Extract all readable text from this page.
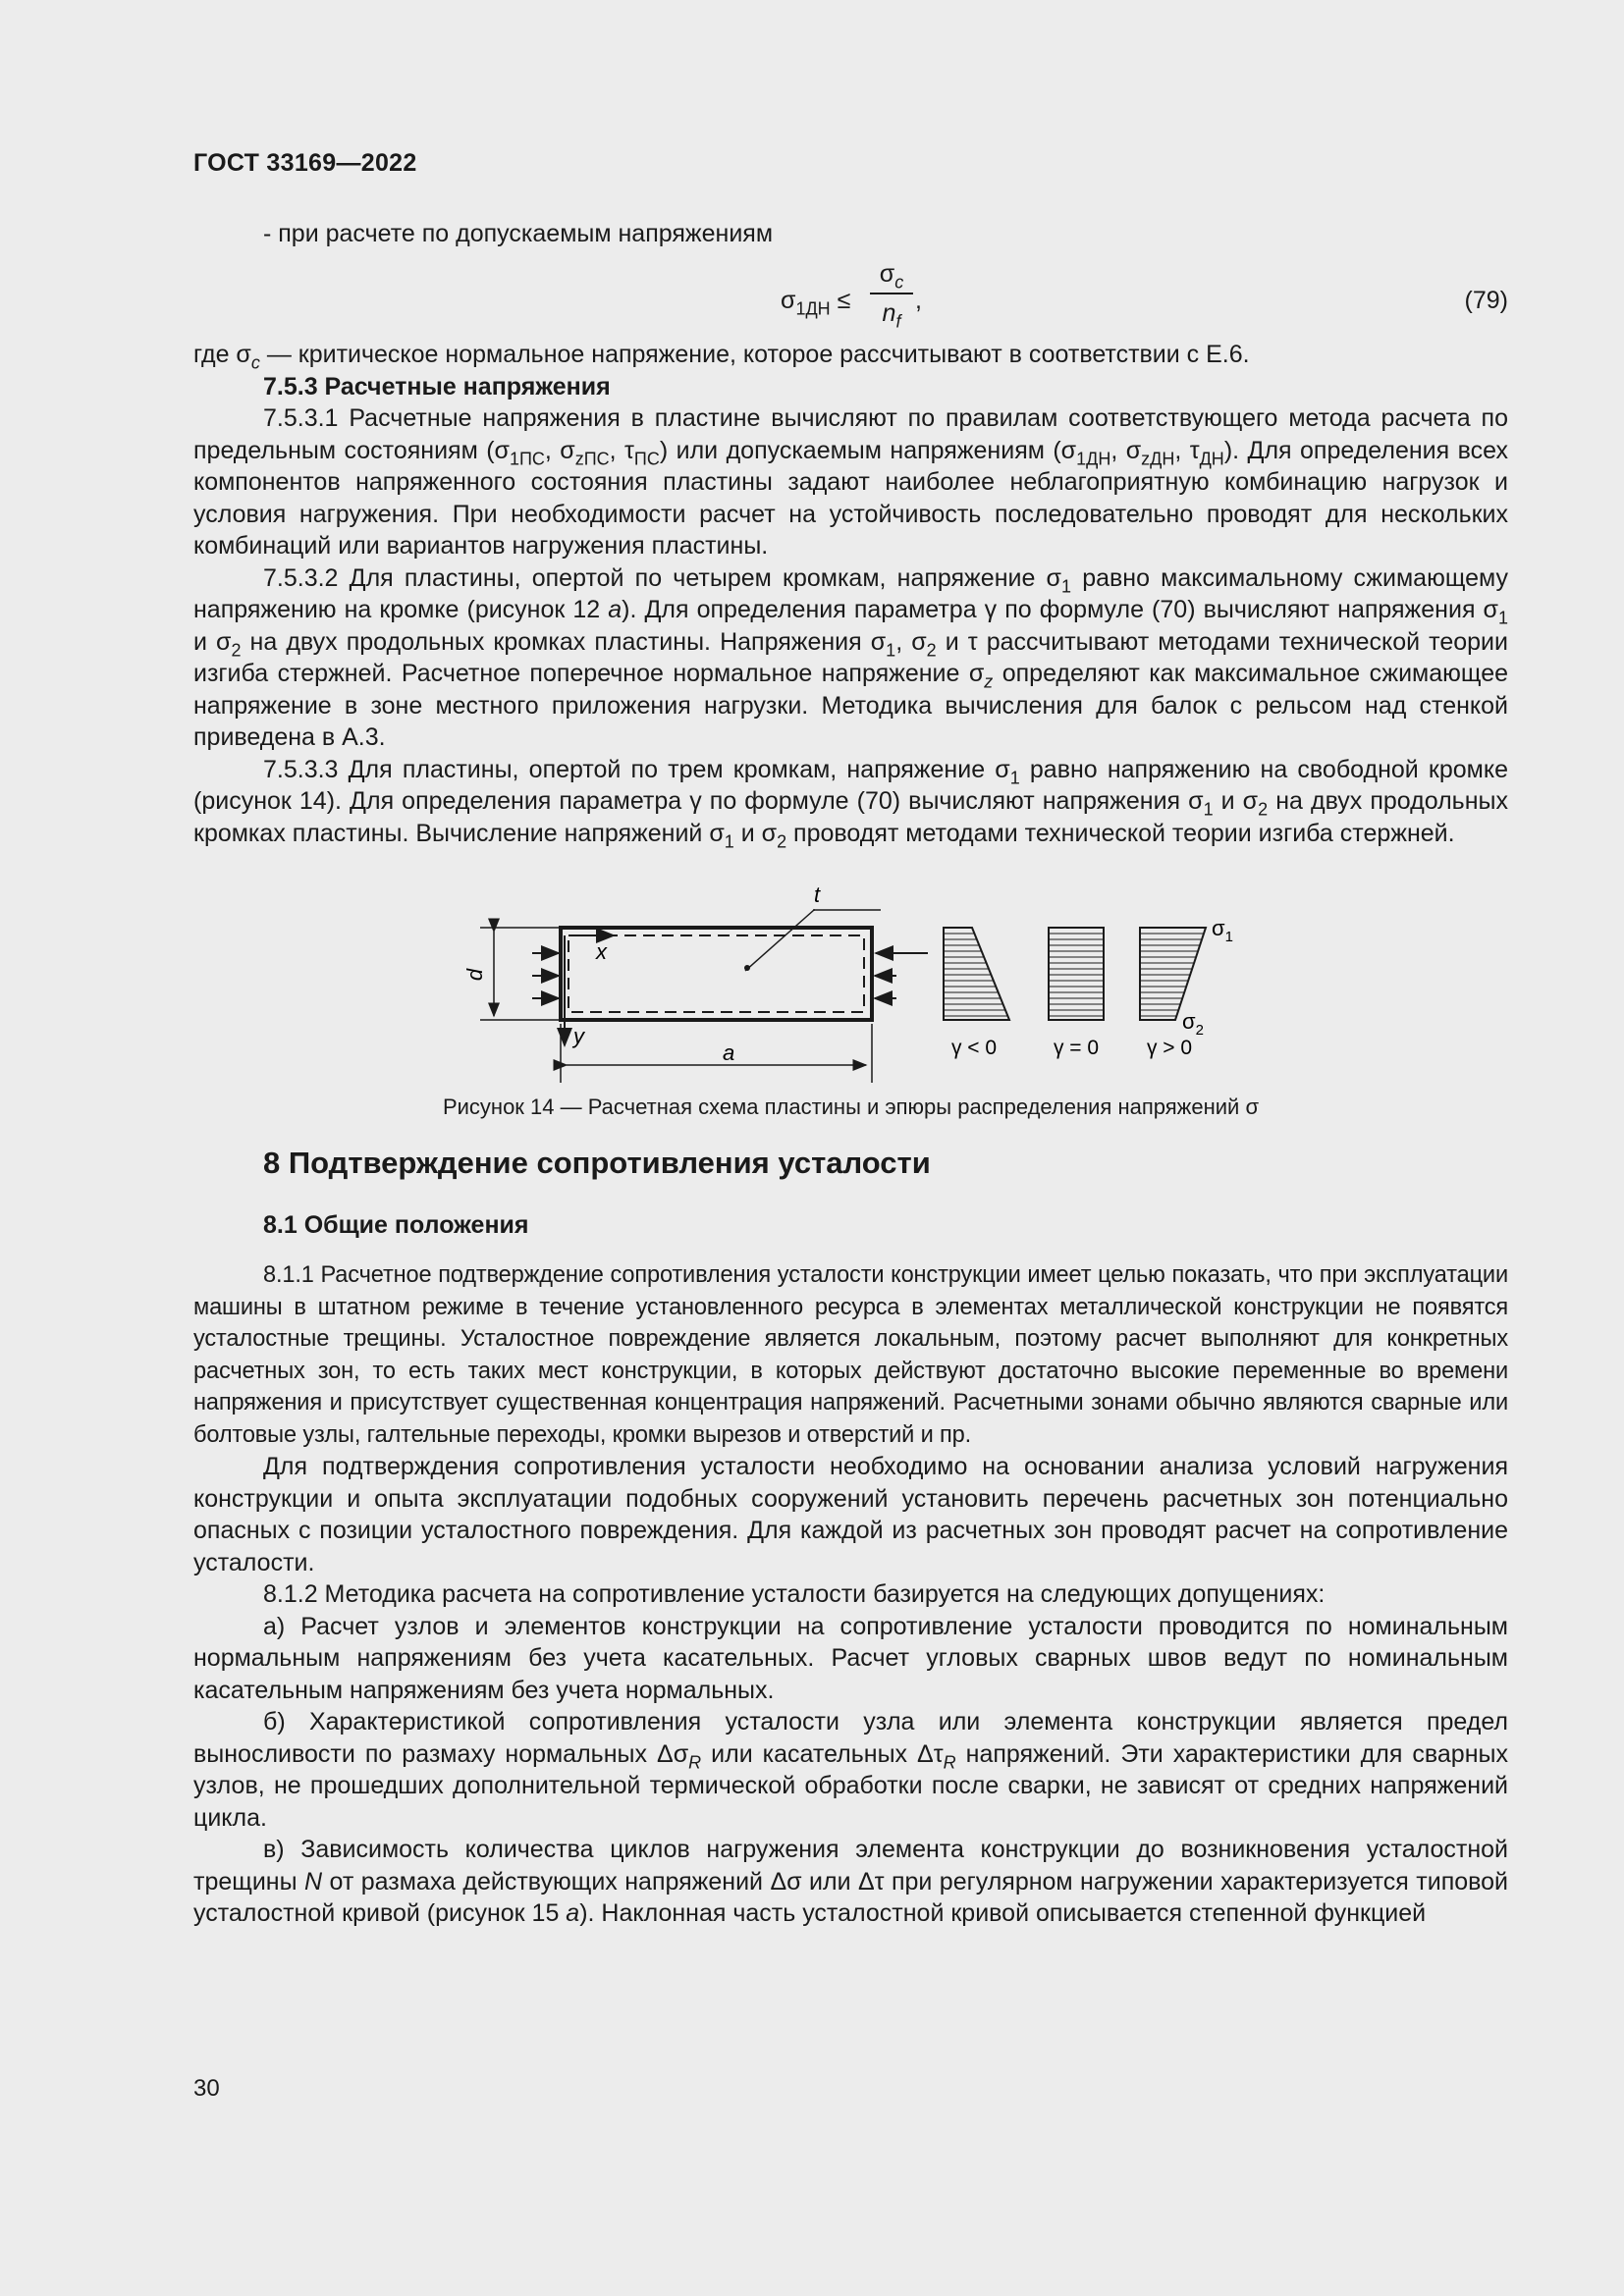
ГОСТ 33169—2022

- при расчете по допускаемым напряжениям

$\sigma_{1ДН}$ ≤
$\sigma_c$
$n_f$
,	(79)

где $\sigma_c$ — критическое нормальное напряжение, которое рассчитывают в соответствии с Е.6.

7.5.3 Расчетные напряжения

7.5.3.1 Расчетные напряжения в пластине вычисляют по правилам соответствующего метода расчета по предельным состояниям ($\sigma_{1ПС}$, $\sigma_{zПС}$, $\tau_{ПС}$) или допускаемым напряжениям ($\sigma_{1ДН}$, $\sigma_{zДН}$, $\tau_{ДН}$). Для определения всех компонентов напряженного состояния пластины задают наиболее неблагоприятную комбинацию нагрузок и условия нагружения. При необходимости расчет на устойчивость последовательно проводят для нескольких комбинаций или вариантов нагружения пластины.

7.5.3.2 Для пластины, опертой по четырем кромкам, напряжение $\sigma_1$ равно максимальному сжимающему напряжению на кромке (рисунок 12 а). Для определения параметра γ по формуле (70) вычисляют напряжения $\sigma_1$ и $\sigma_2$ на двух продольных кромках пластины. Напряжения $\sigma_1$, $\sigma_2$ и τ рассчитывают методами технической теории изгиба стержней. Расчетное поперечное нормальное напряжение $\sigma_z$ определяют как максимальное сжимающее напряжение в зоне местного приложения нагрузки. Методика вычисления для балок с рельсом над стенкой приведена в А.3.

7.5.3.3 Для пластины, опертой по трем кромкам, напряжение $\sigma_1$ равно напряжению на свободной кромке (рисунок 14). Для определения параметра γ по формуле (70) вычисляют напряжения $\sigma_1$ и $\sigma_2$ на двух продольных кромках пластины. Вычисление напряжений $\sigma_1$ и $\sigma_2$ проводят методами технической теории изгиба стержней.

t
x
y
a
d
$\sigma_1$
$\sigma_2$
γ < 0	γ = 0 γ > 0
Рисунок 14 — Расчетная схема пластины и эпюры распределения напряжений σ
8 Подтверждение сопротивления усталости
8.1 Общие положения

8.1.1 Расчетное подтверждение сопротивления усталости конструкции имеет целью показать, что при эксплуатации машины в штатном режиме в течение установленного ресурса в элементах металлической конструкции не появятся усталостные трещины. Усталостное повреждение является локальным, поэтому расчет выполняют для конкретных расчетных зон, то есть таких мест конструкции, в которых действуют достаточно высокие переменные во времени напряжения и присутствует существенная концентрация напряжений. Расчетными зонами обычно являются сварные или болтовые узлы, галтельные переходы, кромки вырезов и отверстий и пр.

Для подтверждения сопротивления усталости необходимо на основании анализа условий нагружения конструкции и опыта эксплуатации подобных сооружений установить перечень расчетных зон потенциально опасных с позиции усталостного повреждения. Для каждой из расчетных зон проводят расчет на сопротивление усталости.

8.1.2 Методика расчета на сопротивление усталости базируется на следующих допущениях:

а) Расчет узлов и элементов конструкции на сопротивление усталости проводится по номинальным нормальным напряжениям без учета касательных. Расчет угловых сварных швов ведут по номинальным касательным напряжениям без учета нормальных.

б) Характеристикой сопротивления усталости узла или элемента конструкции является предел выносливости по размаху нормальных $\Delta\sigma_R$ или касательных $\Delta\tau_R$ напряжений. Эти характеристики для сварных узлов, не прошедших дополнительной термической обработки после сварки, не зависят от средних напряжений цикла.

в) Зависимость количества циклов нагружения элемента конструкции до возникновения усталостной трещины N от размаха действующих напряжений Δσ или Δτ при регулярном нагружении характеризуется типовой усталостной кривой (рисунок 15 а). Наклонная часть усталостной кривой описывается степенной функцией

30
